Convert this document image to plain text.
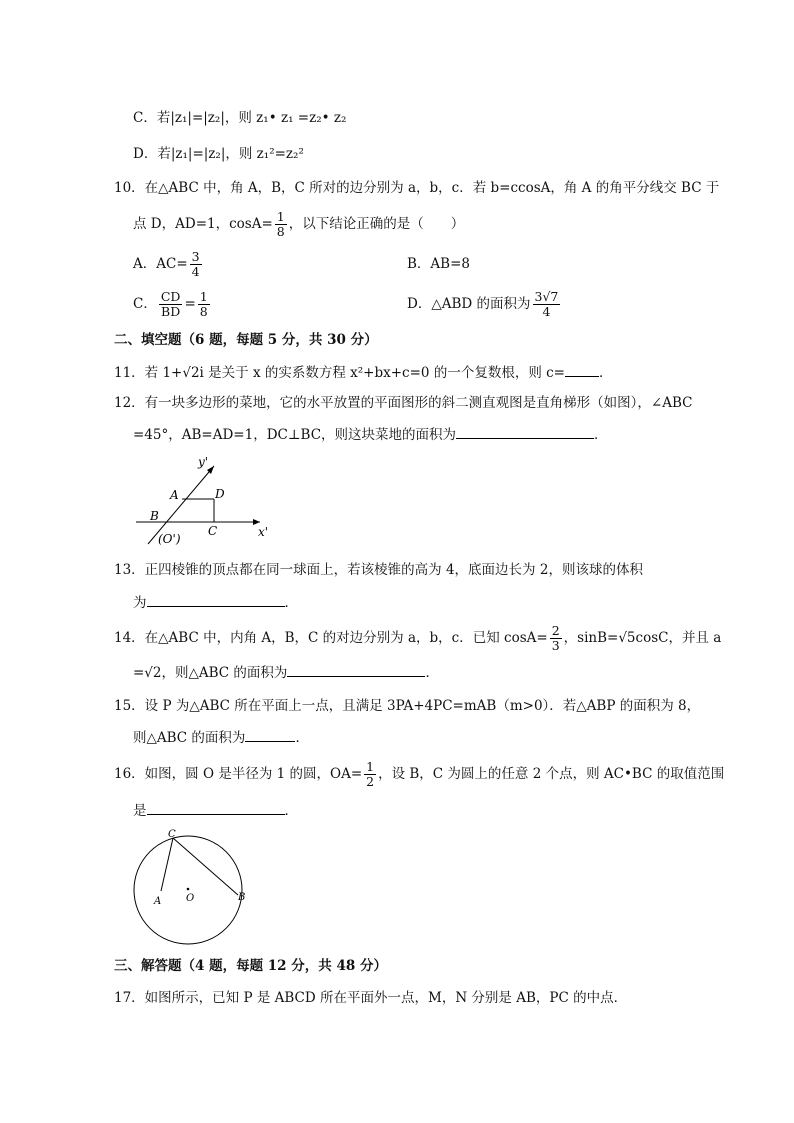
C．若|z₁|=|z₂|，则 z₁• z₁ =z₂• z₂
D．若|z₁|=|z₂|，则 z₁²=z₂²
10．在△ABC 中，角 A，B，C 所对的边分别为 a，b，c．若 b=ccosA，角 A 的角平分线交 BC 于
点 D，AD=1，$\cos A= \frac{1}{8}$ ，以下结论正确的是（　　）
A．$AC= \frac{3}{4}$	B．AB=8
C． $\frac{CD}{BD} = \frac{1}{8}$	D．△ABD 的面积为 $\frac{3√7}{4}$
二、填空题（6 题，每题 5 分，共 30 分）
11．若 1+√2i 是关于 x 的实系数方程 x²+bx+c=0 的一个复数根，则 c=	．
12．有一块多边形的菜地，它的水平放置的平面图形的斜二测直观图是直角梯形（如图），∠ABC
=45°，AB=AD=1，DC⊥BC，则这块菜地的面积为	．
y'
x'
A	D
B
C
(O')
13．正四棱锥的顶点都在同一球面上，若该棱锥的高为 4，底面边长为 2，则该球的体积
为	．
14．在△ABC 中，内角 A，B，C 的对边分别为 a，b，c．已知 $\cos A= \frac{2}{3}$ ，sinB=√5cosC，并且 a
=√2，则△ABC 的面积为	．
15．设 P 为△ABC 所在平面上一点，且满足 3PA+4PC=mAB（m>0）．若△ABP 的面积为 8，
则△ABC 的面积为	．
16．如图，圆 O 是半径为 1 的圆，$OA= \frac{1}{2}$ ，设 B，C 为圆上的任意 2 个点，则 AC•BC 的取值范围
是	．
C
A O	B
三、解答题（4 题，每题 12 分，共 48 分）
17．如图所示，已知 P 是 ABCD 所在平面外一点，M，N 分别是 AB，PC 的中点．
